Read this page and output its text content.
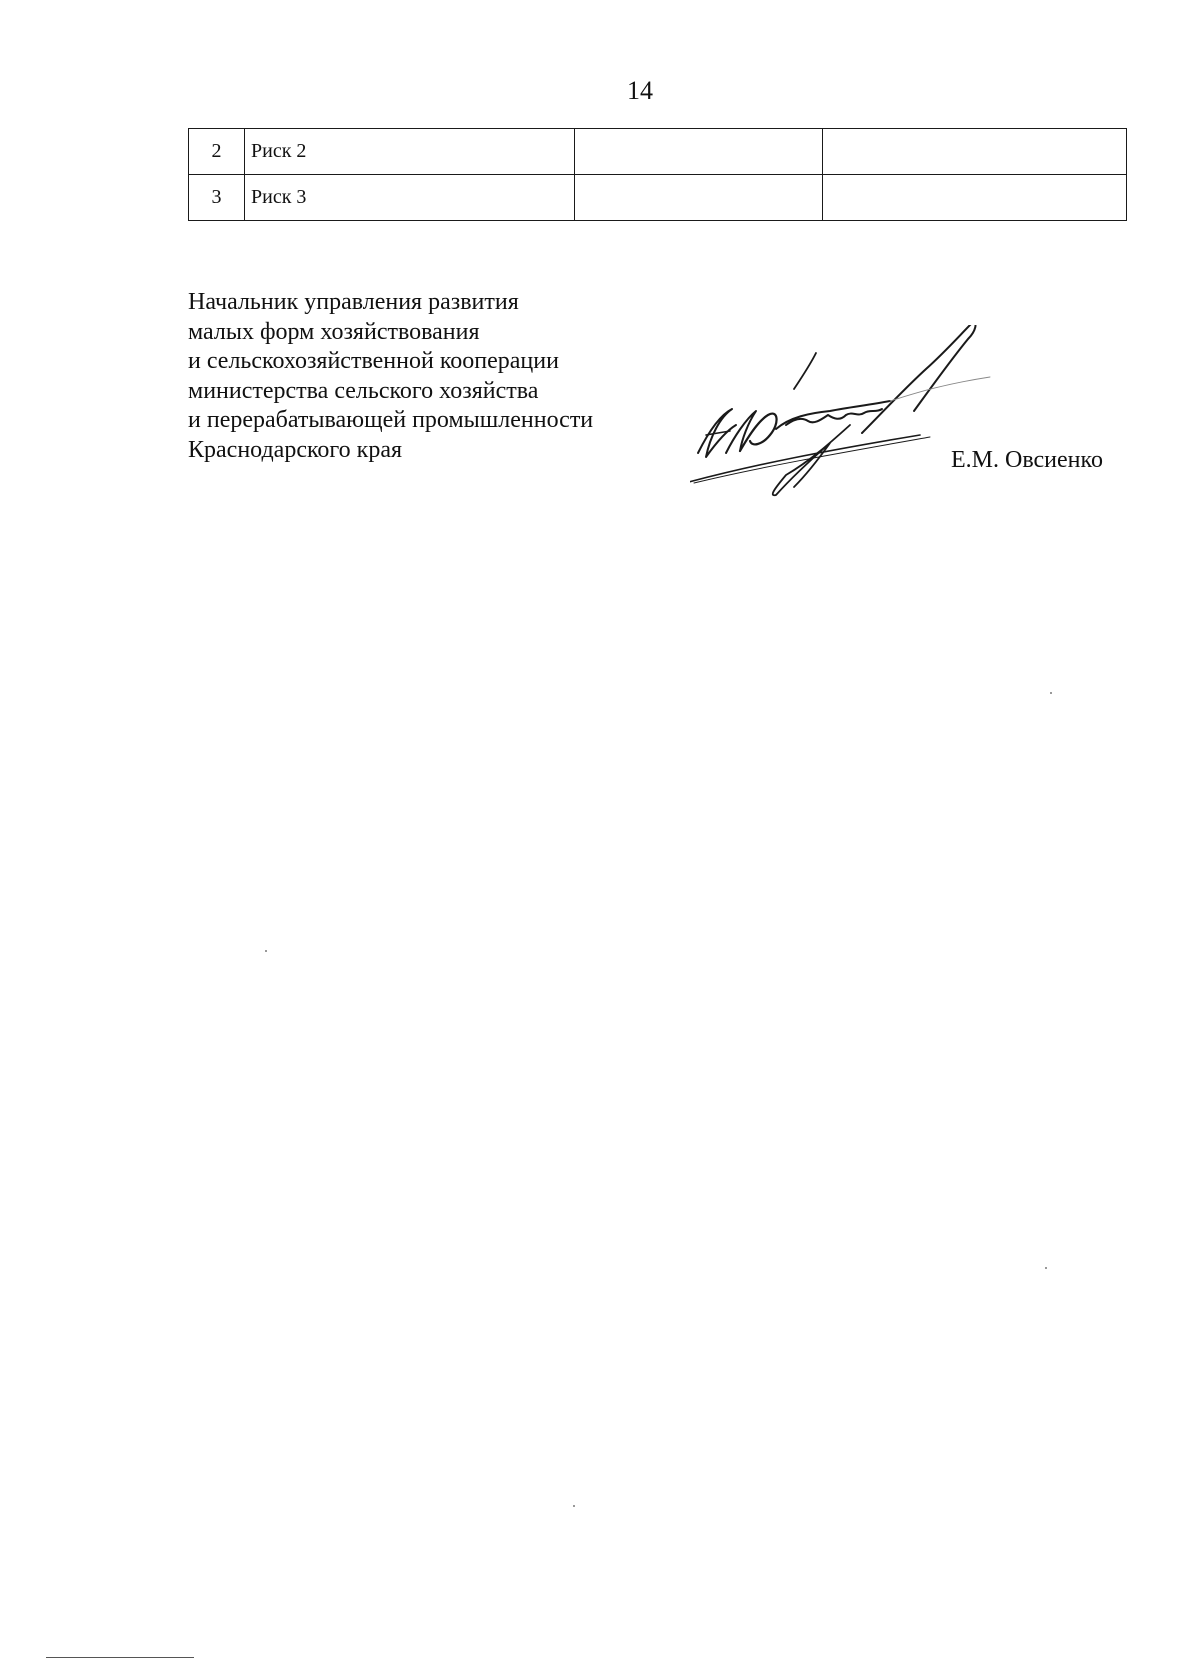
14
2	Риск 2		
3	Риск 3		
Начальник управления развития
малых форм хозяйствования
и сельскохозяйственной кооперации
министерства сельского хозяйства
и перерабатывающей промышленности
Краснодарского края	Е.М. Овсиенко
